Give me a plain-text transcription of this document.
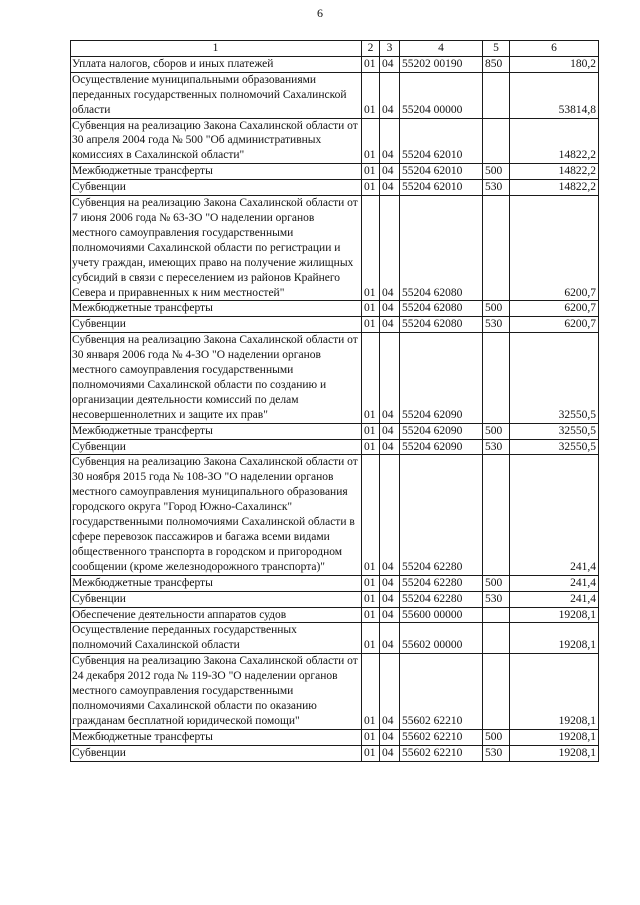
6
1	2	3	4	5	6
Уплата налогов, сборов и иных платежей	01	04	55202 00190	850	180,2
Осуществление муниципальными образованиями переданных государственных полномочий Сахалинской области	01	04	55204 00000		53814,8
Субвенция на реализацию Закона Сахалинской области от 30 апреля 2004 года № 500 "Об административных комиссиях в Сахалинской области"	01	04	55204 62010		14822,2
Межбюджетные трансферты	01	04	55204 62010	500	14822,2
Субвенции	01	04	55204 62010	530	14822,2
Субвенция на реализацию Закона Сахалинской области от 7 июня 2006 года № 63-ЗО "О наделении органов местного самоуправления государственными полномочиями Сахалинской области по регистрации и учету граждан, имеющих право на получение жилищных субсидий в связи с переселением из районов Крайнего Севера и приравненных к ним местностей"	01	04	55204 62080		6200,7
Межбюджетные трансферты	01	04	55204 62080	500	6200,7
Субвенции	01	04	55204 62080	530	6200,7
Субвенция на реализацию Закона Сахалинской области от 30 января 2006 года № 4-ЗО "О наделении органов местного самоуправления государственными полномочиями Сахалинской области по созданию и организации деятельности комиссий по делам несовершеннолетних и защите их прав"	01	04	55204 62090		32550,5
Межбюджетные трансферты	01	04	55204 62090	500	32550,5
Субвенции	01	04	55204 62090	530	32550,5
Субвенция на реализацию Закона Сахалинской области от 30 ноября 2015 года № 108-ЗО "О наделении органов местного самоуправления муниципального образования городского округа "Город Южно-Сахалинск" государственными полномочиями Сахалинской области в сфере перевозок пассажиров и багажа всеми видами общественного транспорта в городском и пригородном сообщении (кроме железнодорожного транспорта)"	01	04	55204 62280		241,4
Межбюджетные трансферты	01	04	55204 62280	500	241,4
Субвенции	01	04	55204 62280	530	241,4
Обеспечение деятельности аппаратов судов	01	04	55600 00000		19208,1
Осуществление переданных государственных полномочий Сахалинской области	01	04	55602 00000		19208,1
Субвенция на реализацию Закона Сахалинской области от 24 декабря 2012 года № 119-ЗО "О наделении органов местного самоуправления государственными полномочиями Сахалинской области по оказанию гражданам бесплатной юридической помощи"	01	04	55602 62210		19208,1
Межбюджетные трансферты	01	04	55602 62210	500	19208,1
Субвенции	01	04	55602 62210	530	19208,1
